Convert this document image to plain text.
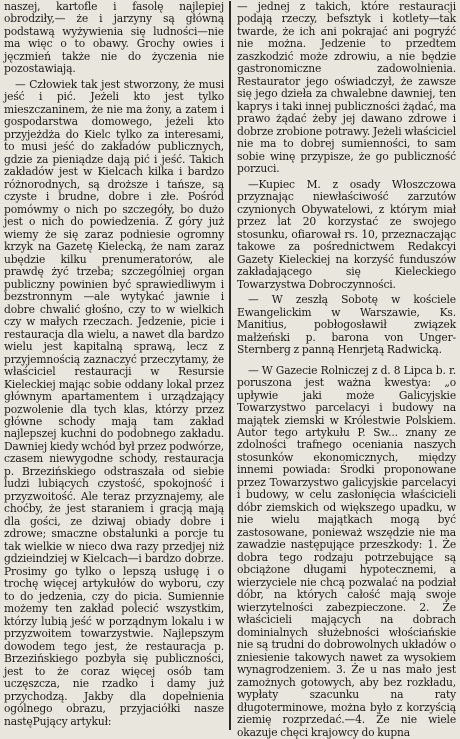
naszej, kartofle i fasolę najlepiej obrodziły,— że i jarzyny są główną podstawą wyżywienia się ludności—nie ma więc o to obawy. Grochy owies i jęczmień także nie do życzenia nie pozostawiają.

— Człowiek tak jest stworzony, że musi jeść i pić. Jeżeli kto jest tylko mieszczaninem, że nie ma żony, a zatem i gospodarstwa domowego, jeżeli kto przyjeżdża do Kielc tylko za interesami, to musi jeść do zakładów publicznych, gdzie za pieniądze dają pić i jeść. Takich zakładów jest w Kielcach kilka i bardzo różnorodnych, są droższe i tańsze, są czyste i brudne, dobre i złe. Pośród pomówmy o nich po szczegóły, bo dużo jest o nich do powiedzenia. Z góry już wiemy że się zaraz podniesie ogromny krzyk na Gazetę Kielecką, że nam zaraz ubędzie kilku prenumeratorów, ale prawdę żyć trzeba; szczególniej organ publiczny powinien być sprawiedliwym i bezstronnym —ale wytykać jawnie i dobre chwalić głośno, czy to w wielkich czy w małych rzeczach. Jedzenie, picie i restauracja dla wielu, a nawet dla bardzo wielu jest kapitalną sprawą, lecz z przyjemnością zaznaczyć przeczytamy, że właściciel restauracji w Resursie Kieleckiej mając sobie oddany lokal przez głównym apartamentem i urządzający pozwolenie dla tych klas, którzy przez główne schody mają tam zakład najlepszej kuchni do podobnego zakładu. Dawniej kiedy wchód był przez podwórze, czasem niewygodne schody, restauracja p. Brzezińskiego odstraszała od siebie ludzi lubiących czystość, spokojność i przyzwoitość. Ale teraz przyznajemy, ale choćby, że jest staraniem i gracją mają dla gości, ze dziwaj obiady dobre i zdrowe; smaczne obstalunki a porcje tu tak wielkie w nieco dwa razy przedjej niż gdzieindziej w Kielcach—i bardzo dobrze. Prosimy go tylko o lepszą usługę i o trochę więcej artykułów do wyboru, czy to do jedzenia, czy do picia. Sumiennie możemy ten zakład polecić wszystkim, którzy lubią jeść w porządnym lokalu i w przyzwoitem towarzystwie. Najlepszym dowodem tego jest, że restauracja p. Brzezińskiego pozbyła się publiczności, jest to że coraz więcej osób tam uczęszcza, nie rzadko i damy już przychodzą. Jakby dla dopełnienia ogólnego obrazu, przyjaciółki nasze nastęPujący artykuł:

— jednej z takich, które restauracji podają rzeczy, befsztyk i kotlety—tak twarde, że ich ani pokrajać ani pogryźć nie można. Jedzenie to przedtem zaszkodzić może zdrowiu, a nie będzie gastronomiczne zadowolnienia. Restaurator jego oświadczył, że zawsze się jego dzieła za chwalebne dawniej, ten kaprys i taki innej publiczności żądać, ma prawo żądać żeby jej dawano zdrowe i dobrze zrobione potrawy. Jeżeli właściciel nie ma to dobrej sumienności, to sam sobie winę przypisze, że go publiczność porzuci.

—Kupiec M. z osady Włoszczowa przyznając niewłaściwość zarzutów czynionych Obywatelowi, z którym miał przez lat 20 korzystać ze swojego stosunku, ofiarował rs. 10, przeznaczając takowe za pośrednictwem Redakcyi Gazety Kieleckiej na korzyść funduszów zakładającego się Kieleckiego Towarzystwa Dobroczynności.

— W zeszłą Sobotę w kościele Ewangelickim w Warszawie, Ks. Manitius, pobłogosławił związek małżeński p. barona von Unger-Sternberg z panną Henrjetą Radwicką.

— W Gazecie Rolniczej z d. 8 Lipca b. r. poruszona jest ważna kwestya: „o upływie jaki może Galicyjskie Towarzystwo parcelacyi i budowy na majątek ziemski w Królestwie Polskiem. Autor tego artykułu P. Sw... znany ze zdolności trafnego oceniania naszych stosunków ekonomicznych, między innemi powiada: Środki proponowane przez Towarzystwo galicyjskie parcelacyi i budowy, w celu zasłonięcia właścicieli dóbr ziemskich od większego upadku, w nie wielu majątkach mogą być zastosowane, ponieważ wszędzie nie ma zawadzie następujące przeszkody: 1. Że dobra tego rodzaju potrzebujące są obciążone długami hypotecznemi, a wierzyciele nie chcą pozwalać na podział dóbr, na których całość mają swoje wierzytelności zabezpieczone. 2. Że właścicieli mających na dobrach dominialnych służebności włościańskie nie są trudni do dobrowolnych układów o zniesienie takowych nawet za wysokiem wynagrodzeniem. 3. Że u nas mało jest zamożnych gotowych, aby bez rozkładu, wypłaty szacunku na raty długoterminowe, można było z korzyścią ziemię rozprzedać.—4. Że nie wiele okazuje chęci krajowcy do kupna
